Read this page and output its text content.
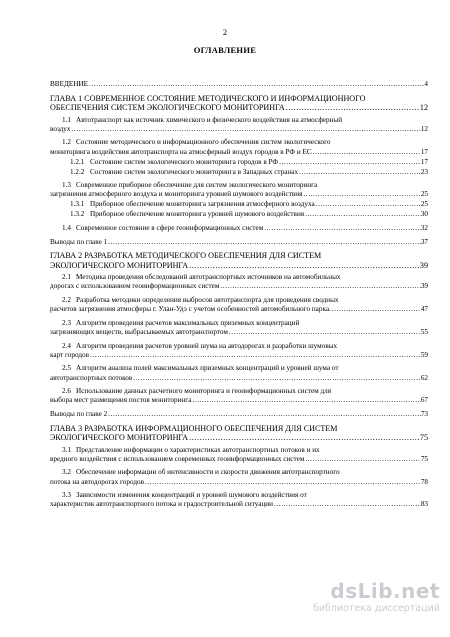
2
ОГЛАВЛЕНИЕ
ВВЕДЕНИЕ .....	4
ГЛАВА 1 СОВРЕМЕННОЕ СОСТОЯНИЕ МЕТОДИЧЕСКОГО И ИНФОРМАЦИОННОГО
ОБЕСПЕЧЕНИЯ СИСТЕМ ЭКОЛОГИЧЕСКОГО МОНИТОРИНГА .....	12
1.1 Автотранспорт как источник химического и физического воздействия на атмосферный
воздух .....	12
1.2 Состояние методического и информационного обеспечения систем экологического
мониторинга воздействия автотранспорта на атмосферный воздух городов в РФ и ЕС .....	17
1.2.1 Состояние систем экологического мониторинга городов в РФ .....	17
1.2.2 Состояние систем экологического мониторинга в Западных странах .....	23
1.3 Современное приборное обеспечение для систем экологического мониторинга
загрязнения атмосферного воздуха и мониторинга уровней шумового воздействия .....	25
1.3.1 Приборное обеспечение мониторинга загрязнения атмосферного воздуха .....	25
1.3.2 Приборное обеспечение мониторинга уровней шумового воздействия .....	30
1.4 Современное состояние в сфере геоинформационных систем .....	32
Выводы по главе 1 .....	37
ГЛАВА 2 РАЗРАБОТКА МЕТОДИЧЕСКОГО ОБЕСПЕЧЕНИЯ ДЛЯ СИСТЕМ
ЭКОЛОГИЧЕСКОГО МОНИТОРИНГА .....	39
2.1 Методика проведения обследований автотранспортных источников на автомобильных
дорогах с использованием геоинформационных систем .....	39
2.2 Разработка методики определения выбросов автотранспорта для проведения сводных
расчетов загрязнения атмосферы г. Улан-Удэ с учетом особенностей автомобильного парка. .....	47
2.3 Алгоритм проведения расчетов максимальных приземных концентраций
загрязняющих веществ, выбрасываемых автотранспортом .....	55
2.4 Алгоритм проведения расчетов уровней шума на автодорогах и разработки шумовых
карт городов .....	59
2.5 Алгоритм анализа полей максимальных приземных концентраций и уровней шума от
автотранспортных потоков .....	62
2.6 Использование данных расчетного мониторинга и геоинформационных систем для
выбора мест размещения постов мониторинга .....	67
Выводы по главе 2 .....	73
ГЛАВА 3 РАЗРАБОТКА ИНФОРМАЦИОННОГО ОБЕСПЕЧЕНИЯ ДЛЯ СИСТЕМ
ЭКОЛОГИЧЕСКОГО МОНИТОРИНГА .....	75
3.1 Представление информации о характеристиках автотранспортных потоков и их
вредного воздействия с использованием современных геоинформационных систем .....	75
3.2 Обеспечение информации об интенсивности и скорости движения автотранспортного
потока на автодорогах городов .....	78
3.3 Зависимости изменения концентраций и уровней шумового воздействия от
характеристик автотранспортного потока и градостроительной ситуации .....	83
dsLib.net
библиотека диссертаций
